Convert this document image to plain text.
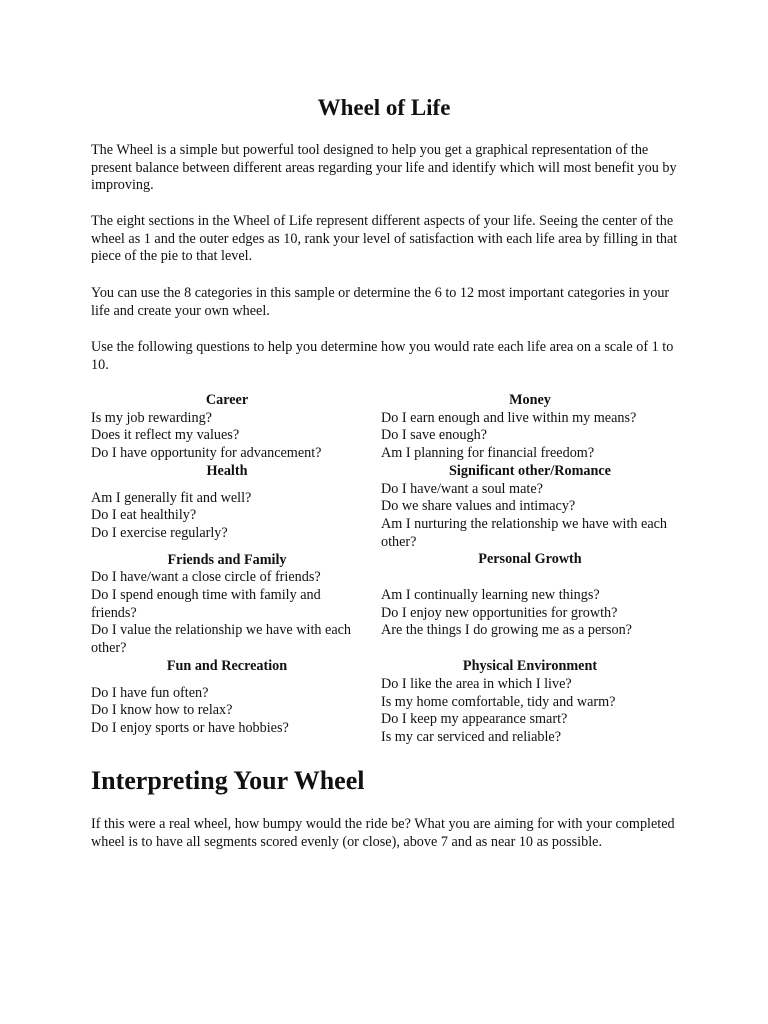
Wheel of Life
The Wheel is a simple but powerful tool designed to help you get a graphical representation of the present balance between different areas regarding your life and identify which will most benefit you by improving.
The eight sections in the Wheel of Life represent different aspects of your life. Seeing the center of the wheel as 1 and the outer edges as 10, rank your level of satisfaction with each life area by filling in that piece of the pie to that level.
You can use the 8 categories in this sample or determine the 6 to 12 most important categories in your life and create your own wheel.
Use the following questions to help you determine how you would rate each life area on a scale of 1 to 10.
Career
Is my job rewarding?
Does it reflect my values?
Do I have opportunity for advancement?
Health
Am I generally fit and well?
Do I eat healthily?
Do I exercise regularly?
Friends and Family
Do I have/want a close circle of friends?
Do I spend enough time with family and friends?
Do I value the relationship we have with each other?
Fun and Recreation
Do I have fun often?
Do I know how to relax?
Do I enjoy sports or have hobbies?
Money
Do I earn enough and live within my means?
Do I save enough?
Am I planning for financial freedom?
Significant other/Romance
Do I have/want a soul mate?
Do we share values and intimacy?
Am I nurturing the relationship we have with each other?
Personal Growth
Am I continually learning new things?
Do I enjoy new opportunities for growth?
Are the things I do growing me as a person?
Physical Environment
Do I like the area in which I live?
Is my home comfortable, tidy and warm?
Do I keep my appearance smart?
Is my car serviced and reliable?
Interpreting Your Wheel
If this were a real wheel, how bumpy would the ride be? What you are aiming for with your completed wheel is to have all segments scored evenly (or close), above 7 and as near 10 as possible.
